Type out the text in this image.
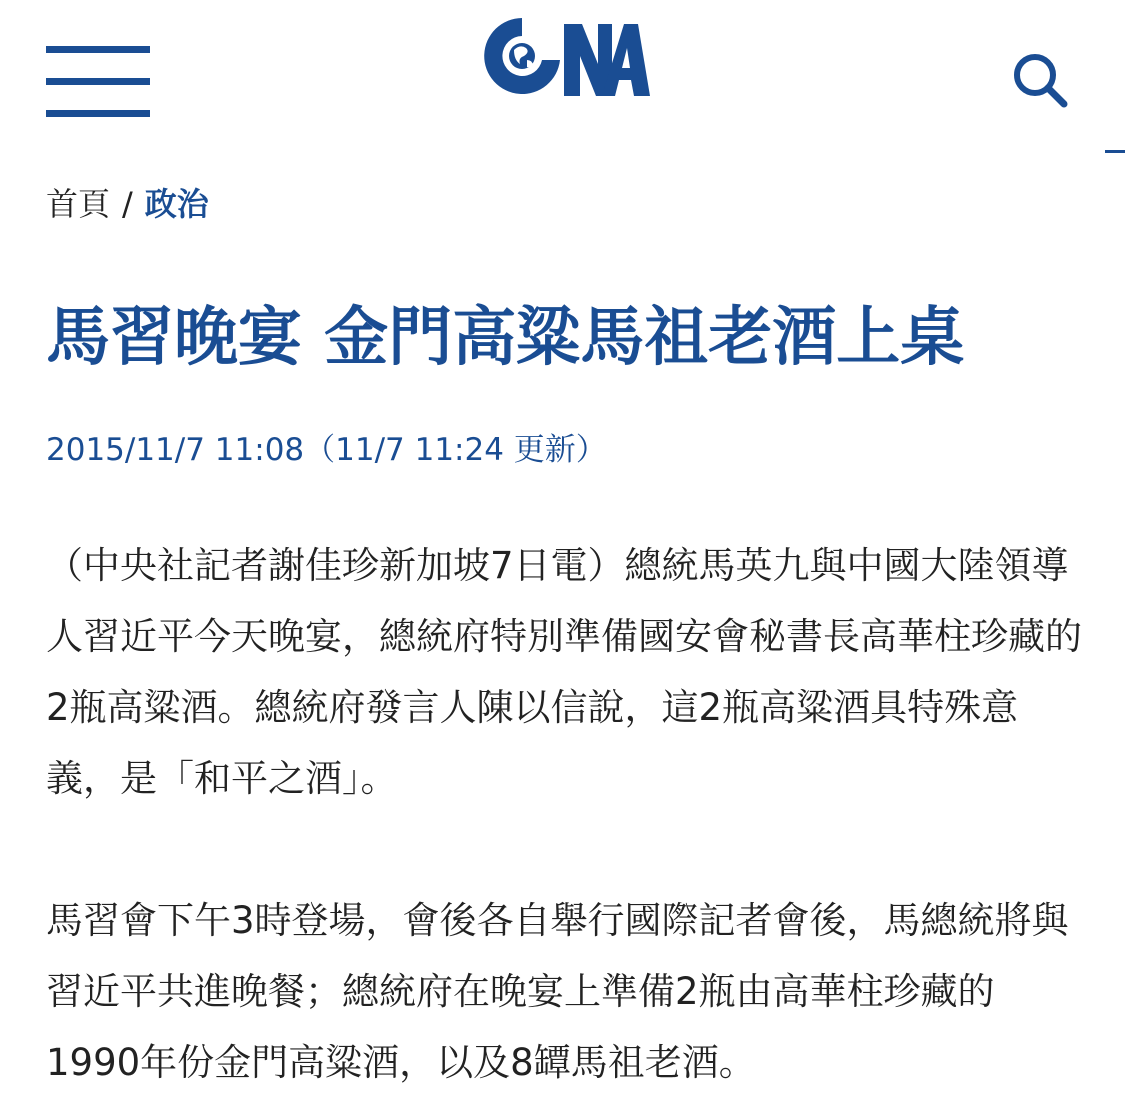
首頁 / 政治
馬習晚宴 金門高粱馬祖老酒上桌
2015/11/7 11:08（11/7 11:24 更新）

（中央社記者謝佳珍新加坡7日電）總統馬英九與中國大陸領導人習近平今天晚宴，總統府特別準備國安會秘書長高華柱珍藏的2瓶高粱酒。總統府發言人陳以信說，這2瓶高粱酒具特殊意義，是「和平之酒」。

馬習會下午3時登場，會後各自舉行國際記者會後，馬總統將與習近平共進晚餐；總統府在晚宴上準備2瓶由高華柱珍藏的1990年份金門高粱酒，以及8罈馬祖老酒。
